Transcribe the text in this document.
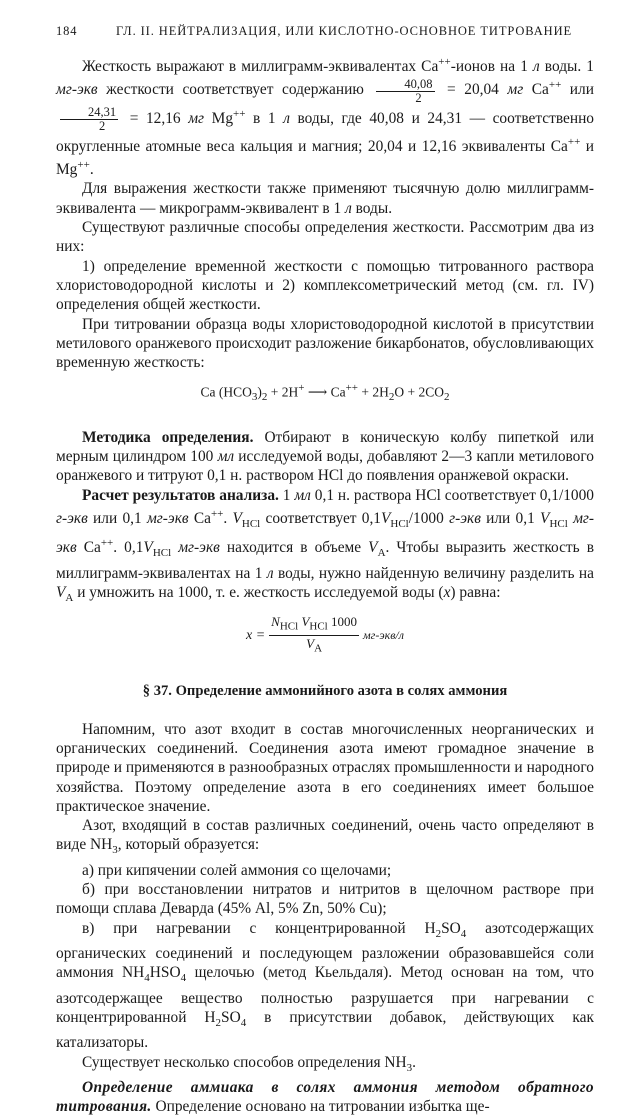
184	ГЛ. II. НЕЙТРАЛИЗАЦИЯ, ИЛИ КИСЛОТНО-ОСНОВНОЕ ТИТРОВАНИЕ

Жесткость выражают в миллиграмм-эквивалентах Ca++-ионов на 1 л воды. 1 мг-экв жесткости соответствует содержанию $\frac{40,08}{2} = 20,04$ мг Ca++ или
$\frac{24,31}{2} = 12,16$ мг Mg++ в 1 л воды, где 40,08 и 24,31 — соответственно округленные атомные веса кальция и магния; 20,04 и 12,16 эквиваленты Ca++ и Mg++.

Для выражения жесткости также применяют тысячную долю миллиграмм-эквивалента — микрограмм-эквивалент в 1 л воды.

Существуют различные способы определения жесткости. Рассмотрим два из них:

1) определение временной жесткости с помощью титрованного раствора хлористоводородной кислоты и 2) комплексометрический метод (см. гл. IV) определения общей жесткости.

При титровании образца воды хлористоводородной кислотой в присутствии метилового оранжевого происходит разложение бикарбонатов, обусловливающих временную жесткость:

Ca $(HCO_3)_2 + 2H^+$ ⟶ $Ca^{++} + 2H_2O + 2CO_2$

Методика определения. Отбирают в коническую колбу пипеткой или мерным цилиндром 100 мл исследуемой воды, добавляют 2—3 капли метилового оранжевого и титруют 0,1 н. раствором HCl до появления оранжевой окраски.

Расчет результатов анализа. 1 мл 0,1 н. раствора HCl соответствует 0,1/1000 г-экв или 0,1 мг-экв Ca++. $V_{HCl}$ соответствует $0,1V_{HCl}/1000$ г-экв или 0,1 $V_{HCl}$ мг-экв Ca++. $0,1V_{HCl}$ мг-экв находится в объеме $V_A$. Чтобы выразить жесткость в миллиграмм-эквивалентах на 1 л воды, нужно найденную величину разделить на $V_A$ и умножить на 1000, т. е. жесткость исследуемой воды (x) равна:

$x = \frac{N_{HCl} V_{HCl} 1000}{V_A} мг-экв/л$
§ 37. Определение аммонийного азота в солях аммония

Напомним, что азот входит в состав многочисленных неорганических и органических соединений. Соединения азота имеют громадное значение в природе и применяются в разнообразных отраслях промышленности и народного хозяйства. Поэтому определение азота в его соединениях имеет большое практическое значение.

Азот, входящий в состав различных соединений, очень часто определяют в виде $NH_3$, который образуется:

а) при кипячении солей аммония со щелочами;

б) при восстановлении нитратов и нитритов в щелочном растворе при помощи сплава Деварда (45% Al, 5% Zn, 50% Cu);

в) при нагревании с концентрированной $H_2SO_4$ азотсодержащих органических соединений и последующем разложении образовавшейся соли аммония $NH_4HSO_4$ щелочью (метод Кьельдаля). Метод основан на том, что азотсодержащее вещество полностью разрушается при нагревании с концентрированной $H_2SO_4$ в присутствии добавок, действующих как катализаторы.

Существует несколько способов определения $NH_3$.

Определение аммиака в солях аммония методом обратного титрования. Определение основано на титровании избытка ще-
